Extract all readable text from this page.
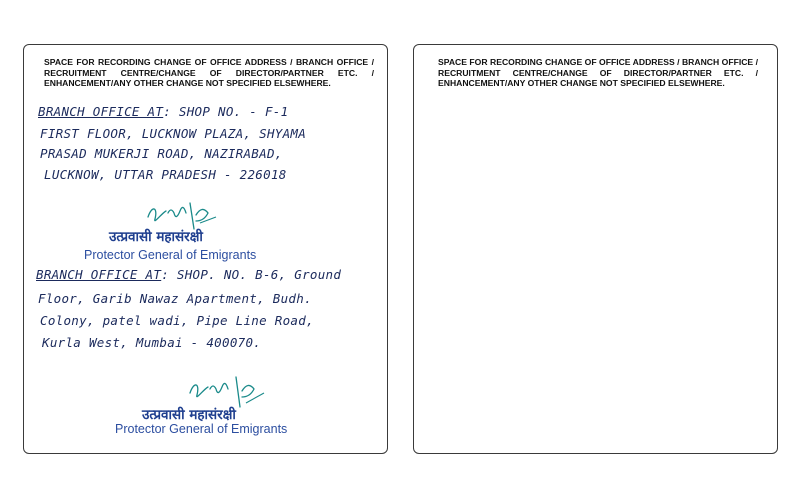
SPACE FOR RECORDING CHANGE OF OFFICE ADDRESS / BRANCH OFFICE / RECRUITMENT CENTRE/CHANGE OF DIRECTOR/PARTNER ETC. / ENHANCEMENT/ANY OTHER CHANGE NOT SPECIFIED ELSEWHERE.
BRANCH OFFICE AT: SHOP NO. - F-1
FIRST FLOOR, LUCKNOW PLAZA, SHYAMA
PRASAD MUKERJI ROAD, NAZIRABAD,
LUCKNOW, UTTAR PRADESH - 226018
उत्प्रवासी महासंरक्षी
Protector General of Emigrants
BRANCH OFFICE AT: SHOP. NO. B-6, Ground
Floor, Garib Nawaz Apartment, Budh.
Colony, patel wadi, Pipe Line Road,
Kurla West, Mumbai - 400070.
उत्प्रवासी महासंरक्षी
Protector General of Emigrants
SPACE FOR RECORDING CHANGE OF OFFICE ADDRESS / BRANCH OFFICE / RECRUITMENT CENTRE/CHANGE OF DIRECTOR/PARTNER ETC. / ENHANCEMENT/ANY OTHER CHANGE NOT SPECIFIED ELSEWHERE.
